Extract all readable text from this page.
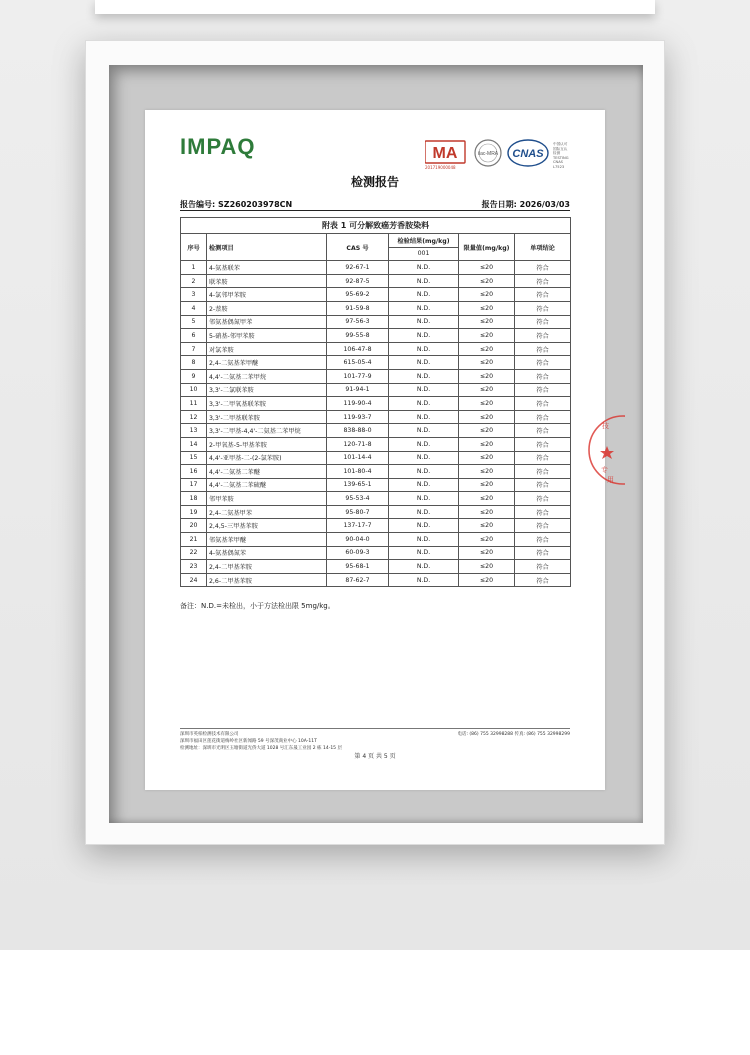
IMPAQ	MA	ilac-MRA CNAS
201719000048
中国认可
国际互认
检测
TESTING
CNAS L7523
检测报告
报告编号: SZ260203978CN	报告日期: 2026/03/03
附表 1 可分解致癌芳香胺染料					
序号	检测项目	CAS 号	检验结果(mg/kg)	限量值(mg/kg)	单项结论
			001		
1	4-氨基联苯	92-67-1	N.D.	≤20	符合
2	联苯胺	92-87-5	N.D.	≤20	符合
3	4-氯邻甲苯胺	95-69-2	N.D.	≤20	符合
4	2-萘胺	91-59-8	N.D.	≤20	符合
5	邻氨基偶氮甲苯	97-56-3	N.D.	≤20	符合
6	5-硝基-邻甲苯胺	99-55-8	N.D.	≤20	符合
7	对氯苯胺	106-47-8	N.D.	≤20	符合
8	2,4-二氨基苯甲醚	615-05-4	N.D.	≤20	符合
9	4,4'-二氨基二苯甲烷	101-77-9	N.D.	≤20	符合
10	3,3'-二氯联苯胺	91-94-1	N.D.	≤20	符合
11	3,3'-二甲氧基联苯胺	119-90-4	N.D.	≤20	符合
12	3,3'-二甲基联苯胺	119-93-7	N.D.	≤20	符合
13	3,3'-二甲基-4,4'-二氨基二苯甲烷	838-88-0	N.D.	≤20	符合
14	2-甲氧基-5-甲基苯胺	120-71-8	N.D.	≤20	符合
15	4,4'-亚甲基-二-(2-氯苯胺)	101-14-4	N.D.	≤20	符合
16	4,4'-二氨基二苯醚	101-80-4	N.D.	≤20	符合
17	4,4'-二氨基二苯硫醚	139-65-1	N.D.	≤20	符合
18	邻甲苯胺	95-53-4	N.D.	≤20	符合
19	2,4-二氨基甲苯	95-80-7	N.D.	≤20	符合
20	2,4,5-三甲基苯胺	137-17-7	N.D.	≤20	符合
21	邻氨基苯甲醚	90-04-0	N.D.	≤20	符合
22	4-氨基偶氮苯	60-09-3	N.D.	≤20	符合
23	2,4-二甲基苯胺	95-68-1	N.D.	≤20	符合
24	2,6-二甲基苯胺	87-62-7	N.D.	≤20	符合
备注：N.D.=未检出，小于方法检出限 5mg/kg。
深圳市英柏检测技术有限公司
深圳市福田区莲花街道梅岭社区新闻路 59 号深茂商业中心 10A-11T
检测地址：深圳市光明区玉塘街道光侨大道 1028 号汇东晟工业园 2 栋 14-15 层
电话: (86) 755 32998288 传真: (86) 755 32998299
第 4 页 共 5 页
技
专
用
